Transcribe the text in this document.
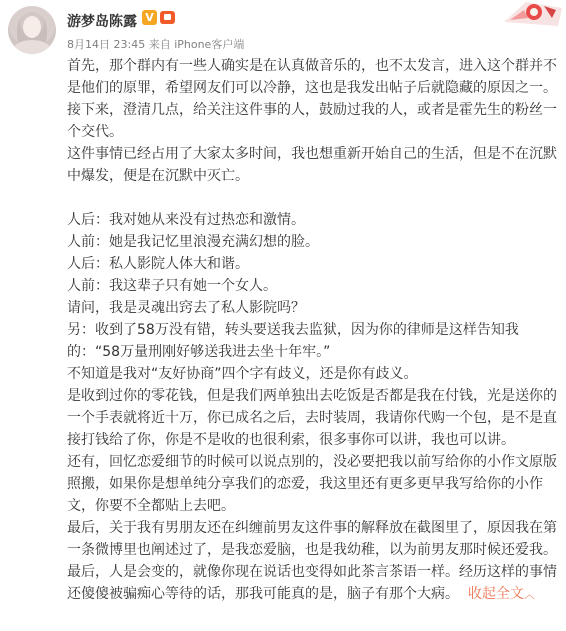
游梦岛陈露 V
8月14日 23:45 来自 iPhone客户端

首先，那个群内有一些人确实是在认真做音乐的，也不太发言，进入这个群并不是他们的原罪，希望网友们可以冷静，这也是我发出帖子后就隐藏的原因之一。

接下来，澄清几点，给关注这件事的人，鼓励过我的人，或者是霍先生的粉丝一个交代。

这件事情已经占用了大家太多时间，我也想重新开始自己的生活，但是不在沉默中爆发，便是在沉默中灭亡。

人后：我对她从来没有过热恋和激情。

人前：她是我记忆里浪漫充满幻想的脸。

人后：私人影院人体大和谐。

人前：我这辈子只有她一个女人。

请问，我是灵魂出窍去了私人影院吗？

另：收到了58万没有错，转头要送我去监狱，因为你的律师是这样告知我的：“58万量刑刚好够送我进去坐十年牢。”

不知道是我对“友好协商”四个字有歧义，还是你有歧义。

是收到过你的零花钱，但是我们两单独出去吃饭是否都是我在付钱，光是送你的一个手表就将近十万，你已成名之后，去时装周，我请你代购一个包，是不是直接打钱给了你，你是不是收的也很利索，很多事你可以讲，我也可以讲。

还有，回忆恋爱细节的时候可以说点别的，没必要把我以前写给你的小作文原版照搬，如果你是想单纯分享我们的恋爱，我这里还有更多更早我写给你的小作文，你要不全都贴上去吧。

最后，关于我有男朋友还在纠缠前男友这件事的解释放在截图里了，原因我在第一条微博里也阐述过了，是我恋爱脑，也是我幼稚，以为前男友那时候还爱我。

最后，人是会变的，就像你现在说话也变得如此茶言茶语一样。经历这样的事情还傻傻被骗痴心等待的话，那我可能真的是，脑子有那个大病。 收起全文︿
